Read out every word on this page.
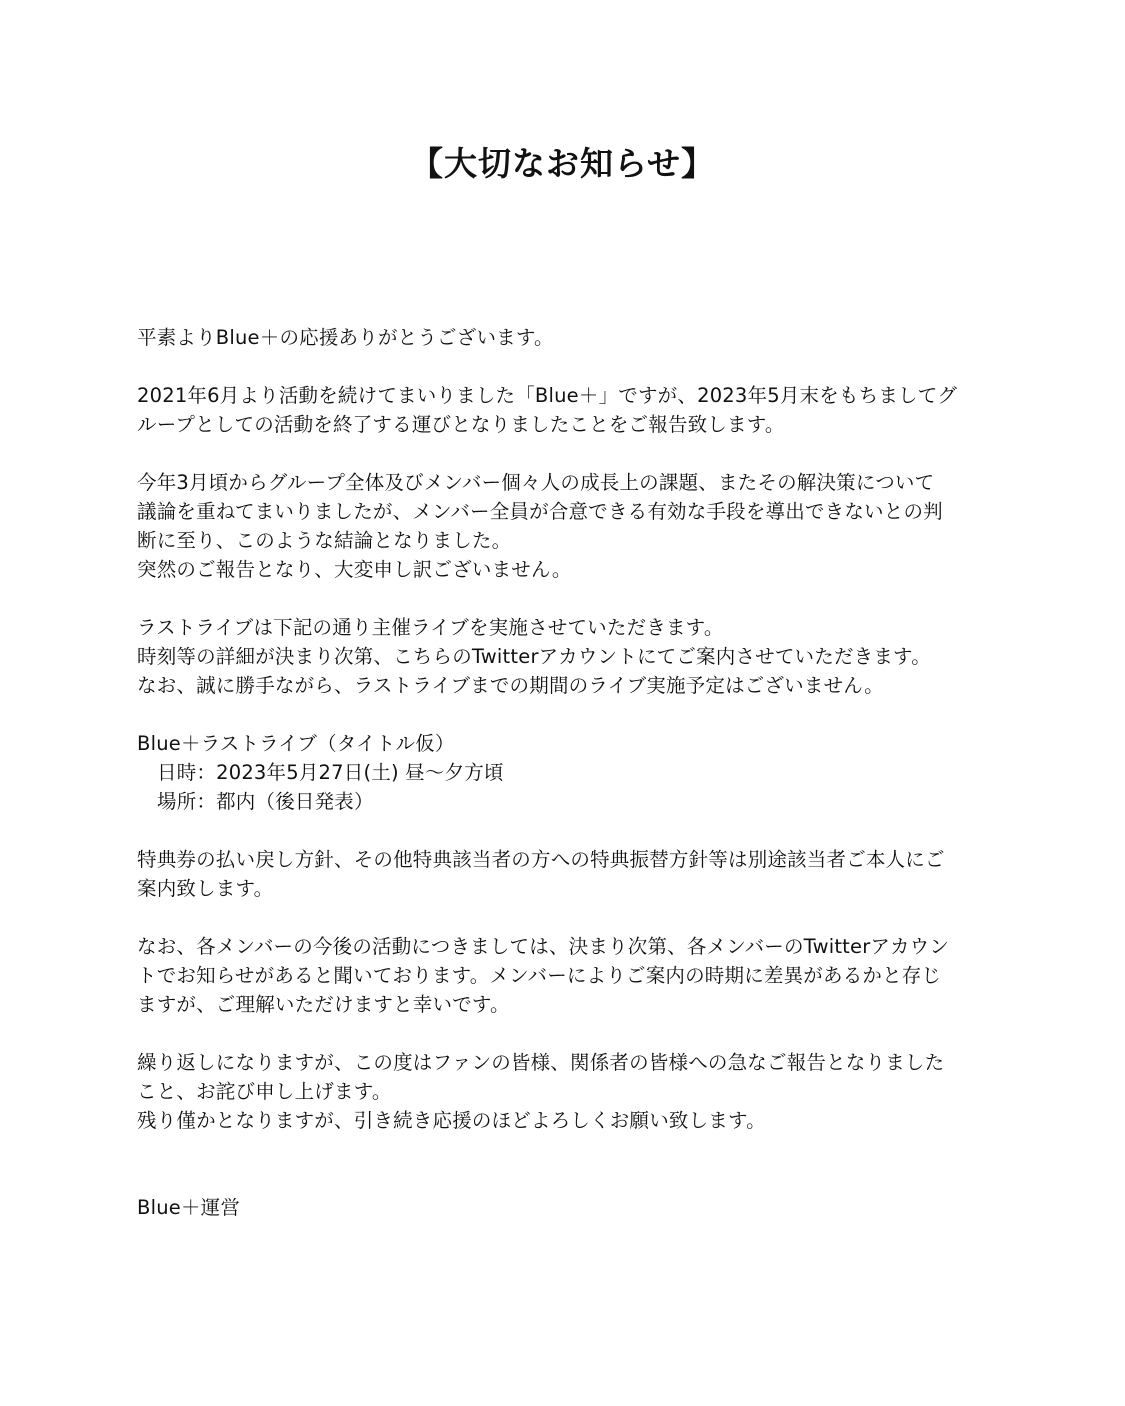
【大切なお知らせ】
平素よりBlue＋の応援ありがとうございます。
2021年6月より活動を続けてまいりました「Blue＋」ですが、2023年5月末をもちましてグ
ループとしての活動を終了する運びとなりましたことをご報告致します。
今年3月頃からグループ全体及びメンバー個々人の成長上の課題、またその解決策について
議論を重ねてまいりましたが、メンバー全員が合意できる有効な手段を導出できないとの判
断に至り、このような結論となりました。
突然のご報告となり、大変申し訳ございません。
ラストライブは下記の通り主催ライブを実施させていただきます。
時刻等の詳細が決まり次第、こちらのTwitterアカウントにてご案内させていただきます。
なお、誠に勝手ながら、ラストライブまでの期間のライブ実施予定はございません。
Blue＋ラストライブ（タイトル仮）
日時：2023年5月27日(土) 昼〜夕方頃
場所：都内（後日発表）
特典券の払い戻し方針、その他特典該当者の方への特典振替方針等は別途該当者ご本人にご
案内致します。
なお、各メンバーの今後の活動につきましては、決まり次第、各メンバーのTwitterアカウン
トでお知らせがあると聞いております。メンバーによりご案内の時期に差異があるかと存じ
ますが、ご理解いただけますと幸いです。
繰り返しになりますが、この度はファンの皆様、関係者の皆様への急なご報告となりました
こと、お詫び申し上げます。
残り僅かとなりますが、引き続き応援のほどよろしくお願い致します。
Blue＋運営
